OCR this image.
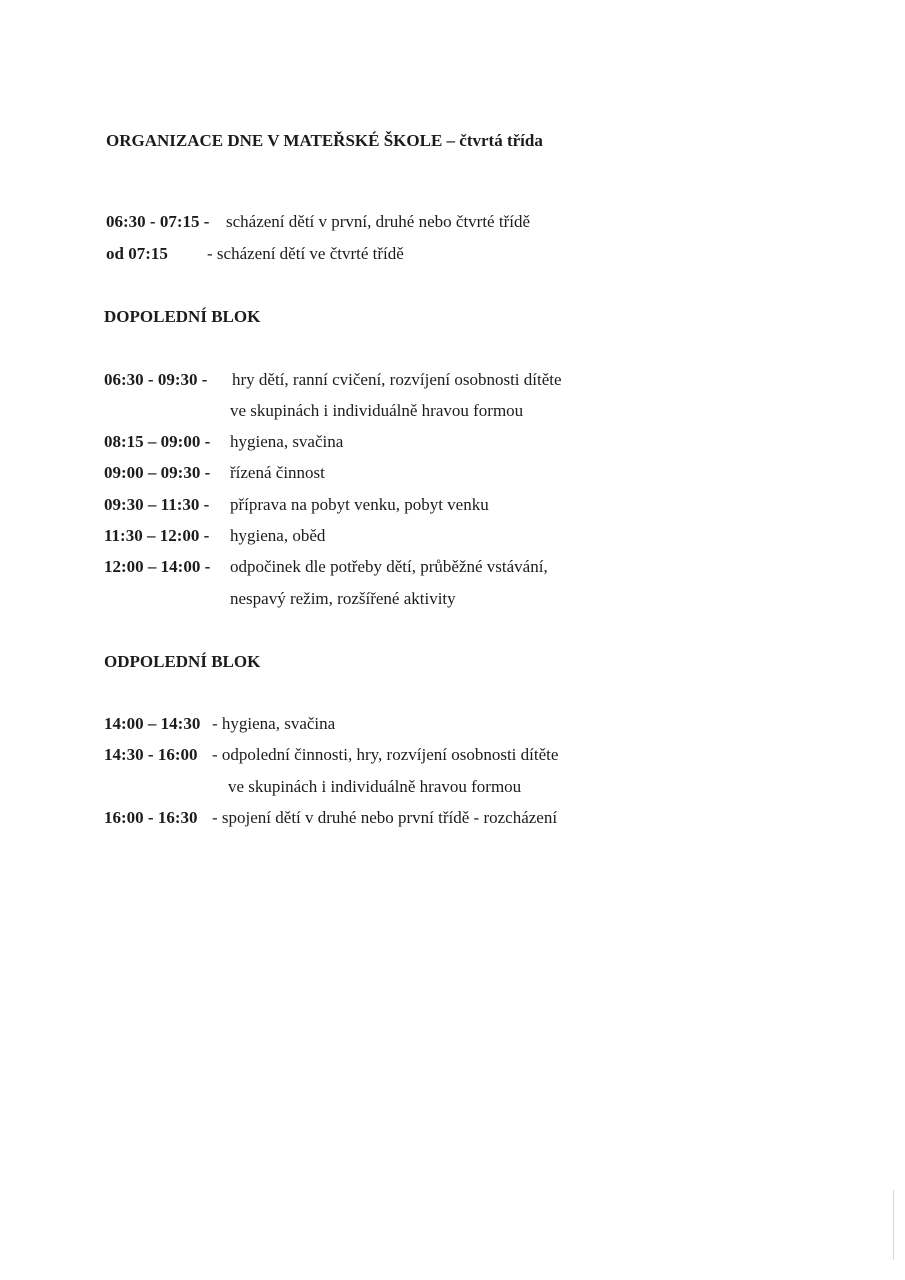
ORGANIZACE DNE V MATEŘSKÉ ŠKOLE – čtvrtá třída
06:30 - 07:15 - scházení dětí v první, druhé nebo čtvrté třídě
od 07:15 - scházení dětí ve čtvrté třídě
DOPOLEDNÍ BLOK
06:30 - 09:30 - hry dětí, ranní cvičení, rozvíjení osobnosti dítěte
ve skupinách i individuálně hravou formou
08:15 – 09:00 - hygiena, svačina
09:00 – 09:30 - řízená činnost
09:30 – 11:30 - příprava na pobyt venku, pobyt venku
11:30 – 12:00 - hygiena, oběd
12:00 – 14:00 - odpočinek dle potřeby dětí, průběžné vstávání,
nespavý režim, rozšířené aktivity
ODPOLEDNÍ BLOK
14:00 – 14:30 - hygiena, svačina
14:30 - 16:00 - odpolední činnosti, hry, rozvíjení osobnosti dítěte
ve skupinách i individuálně hravou formou
16:00 - 16:30 - spojení dětí v druhé nebo první třídě - rozcházení
